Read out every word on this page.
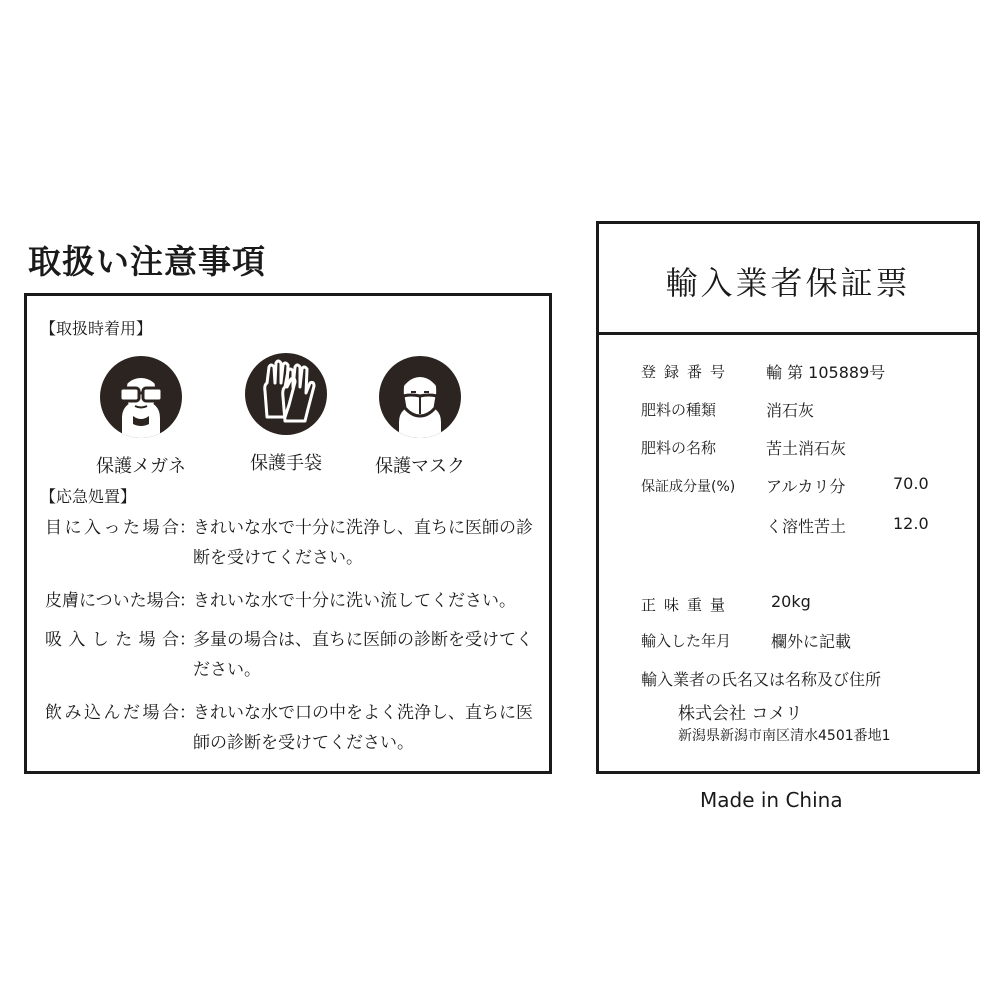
取扱い注意事項
【取扱時着用】
保護メガネ	保護手袋	保護マスク
【応急処置】
目に入った場合：きれいな水で十分に洗浄し、直ちに医師の診断を受けてください。
皮膚についた場合：きれいな水で十分に洗い流してください。
吸入した場合：多量の場合は、直ちに医師の診断を受けてください。
飲み込んだ場合：きれいな水で口の中をよく洗浄し、直ちに医師の診断を受けてください。
輸入業者保証票
登録番号 輸 第 105889号
肥料の種類	消石灰
肥料の名称	苦土消石灰
保証成分量(%) アルカリ分	70.0
く溶性苦土	12.0
正味重量 20kg
輸入した年月 欄外に記載
輸入業者の氏名又は名称及び住所
株式会社 コメリ
新潟県新潟市南区清水4501番地1
Made in China
